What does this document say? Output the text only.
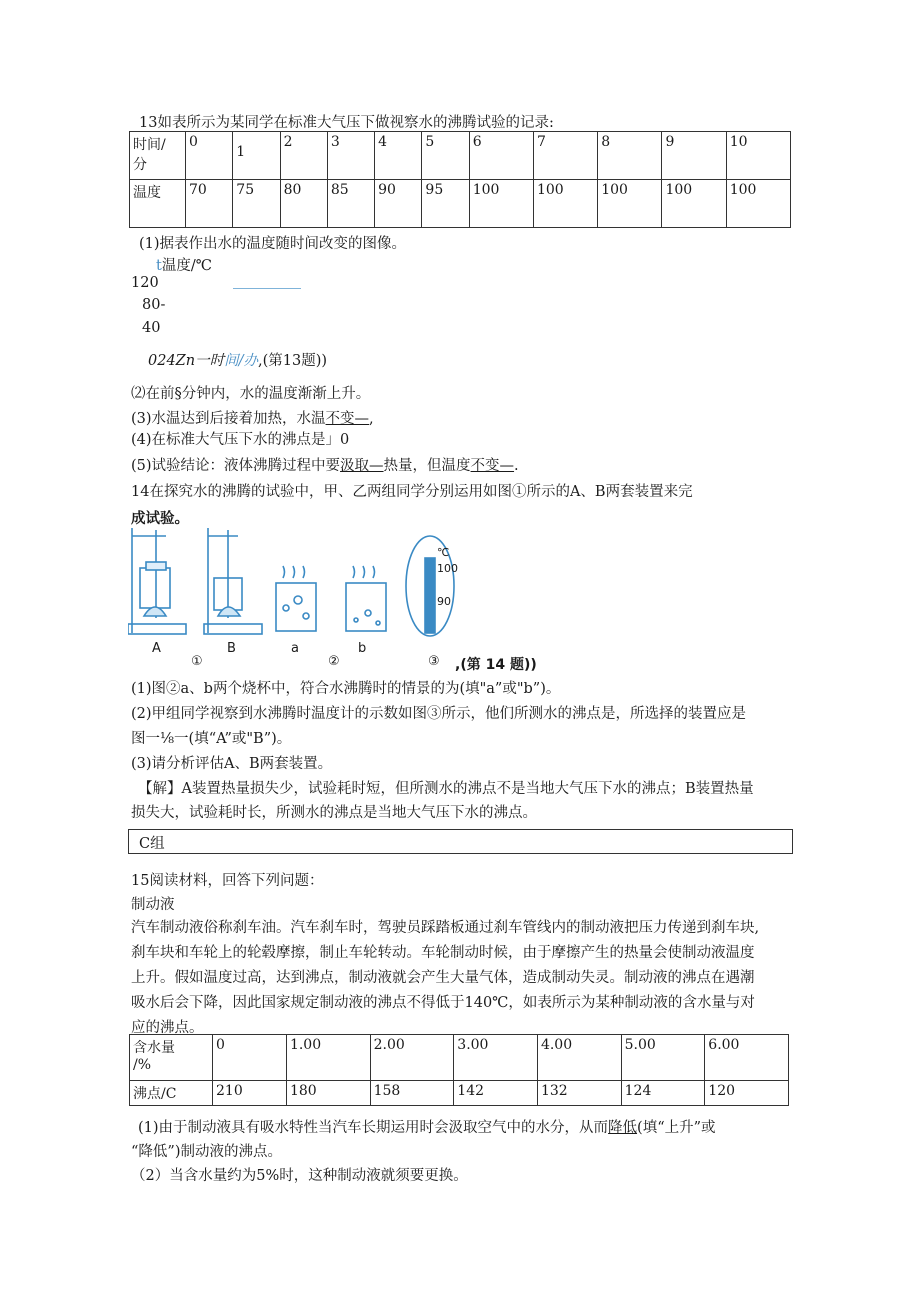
13如表所示为某同学在标准大气压下做视察水的沸腾试验的记录:
时间/
分	0	1	2	3	4	5	6	7	8	9	10
温度	70	75	80	85	90	95	100	100	100	100	100
(1)据表作出水的温度随时间改变的图像。
t温度/℃
120
80-
40
024Zn一时间/办,(第13题))
⑵在前§分钟内，水的温度渐渐上升。
(3)水温达到后接着加热，水温不变—,
(4)在标准大气压下水的沸点是」0
(5)试验结论：液体沸腾过程中要汲取—热量，但温度不变—.
14在探究水的沸腾的试验中，甲、乙两组同学分别运用如图①所示的A、B两套装置来完
成试验。
A	B	a	b
①	②	③
℃
100
90
,(第 14 题))
(1)图②a、b两个烧杯中，符合水沸腾时的情景的为(填"a”或"b”)。
(2)甲组同学视察到水沸腾时温度计的示数如图③所示，他们所测水的沸点是，所选择的装置应是
图一⅛一(填“A”或"B”)。
(3)请分析评估A、B两套装置。
【解】A装置热量损失少，试验耗时短，但所测水的沸点不是当地大气压下水的沸点；B装置热量
损失大，试验耗时长，所测水的沸点是当地大气压下水的沸点。
C组
15阅读材料，回答下列问题：
制动液
汽车制动液俗称刹车油。汽车刹车时，驾驶员踩踏板通过刹车管线内的制动液把压力传递到刹车块,
刹车块和车轮上的轮毂摩擦，制止车轮转动。车轮制动时候，由于摩擦产生的热量会使制动液温度
上升。假如温度过高，达到沸点，制动液就会产生大量气体，造成制动失灵。制动液的沸点在遇潮
吸水后会下降，因此国家规定制动液的沸点不得低于140℃，如表所示为某种制动液的含水量与对
应的沸点。
含水量
/%	0	1.00	2.00	3.00	4.00	5.00	6.00
沸点/C	210	180	158	142	132	124	120
(1)由于制动液具有吸水特性当汽车长期运用时会汲取空气中的水分，从而降低(填“上升”或
“降低”)制动液的沸点。
（2）当含水量约为5%时，这种制动液就须要更换。
